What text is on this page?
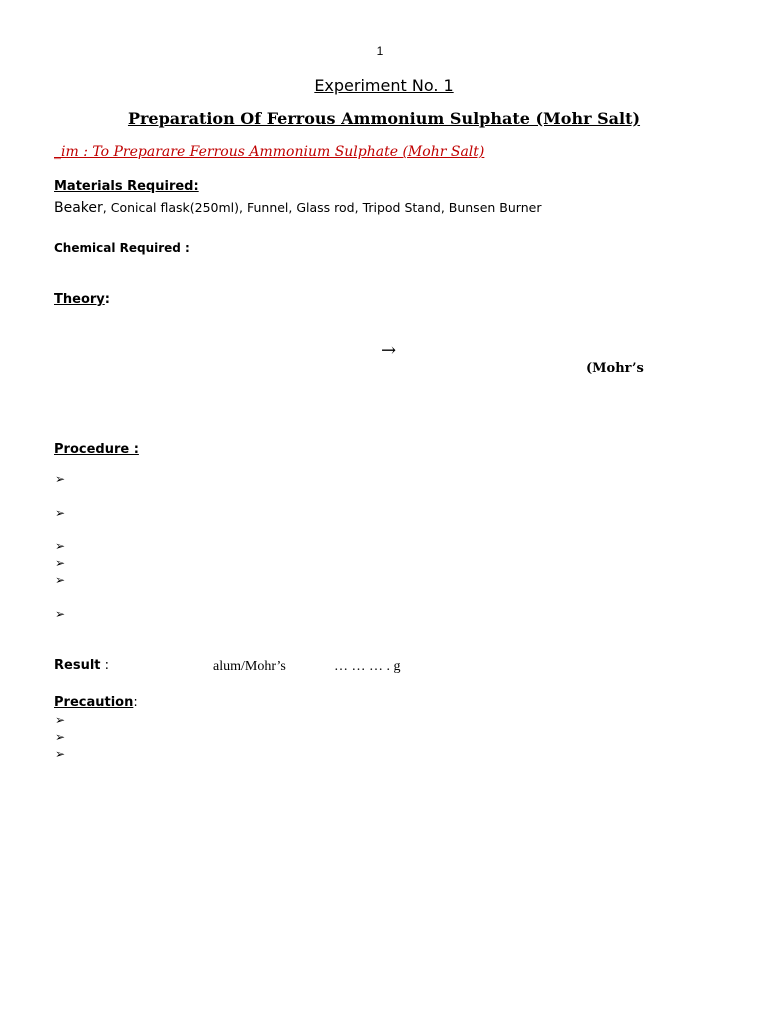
1
Experiment No. 1
Preparation Of Ferrous Ammonium Sulphate (Mohr Salt)
_im : To Preparare Ferrous Ammonium Sulphate (Mohr Salt)
Materials Required:
Beaker, Conical flask(250ml), Funnel, Glass rod, Tripod Stand, Bunsen Burner
Chemical Required :
Theory:
→
(Mohr’s
Procedure :
➢
➢
➢
➢
➢
➢
Result :	alum/Mohr’s	… … … . g
Precaution:
➢
➢
➢
